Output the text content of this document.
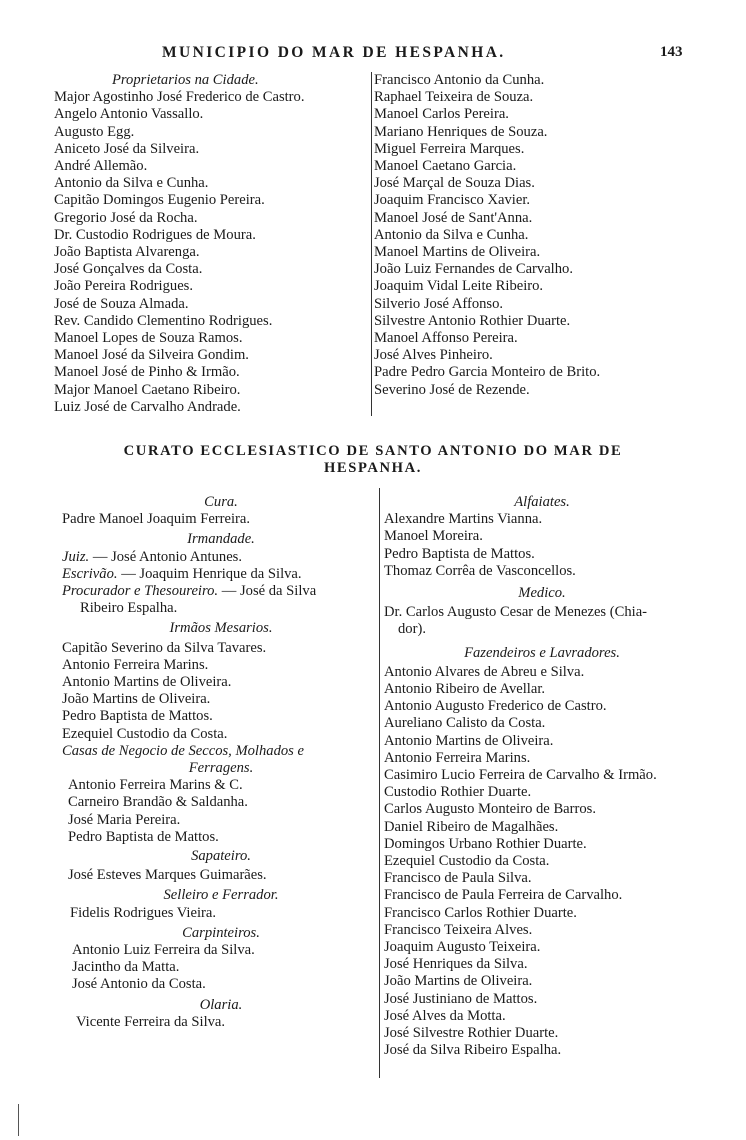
MUNICIPIO DO MAR DE HESPANHA.	143
Proprietarios na Cidade.
Major Agostinho José Frederico de Castro.
Angelo Antonio Vassallo.
Augusto Egg.
Aniceto José da Silveira.
André Allemão.
Antonio da Silva e Cunha.
Capitão Domingos Eugenio Pereira.
Gregorio José da Rocha.
Dr. Custodio Rodrigues de Moura.
João Baptista Alvarenga.
José Gonçalves da Costa.
João Pereira Rodrigues.
José de Souza Almada.
Rev. Candido Clementino Rodrigues.
Manoel Lopes de Souza Ramos.
Manoel José da Silveira Gondim.
Manoel José de Pinho & Irmão.
Major Manoel Caetano Ribeiro.
Luiz José de Carvalho Andrade.
Francisco Antonio da Cunha.
Raphael Teixeira de Souza.
Manoel Carlos Pereira.
Mariano Henriques de Souza.
Miguel Ferreira Marques.
Manoel Caetano Garcia.
José Marçal de Souza Dias.
Joaquim Francisco Xavier.
Manoel José de Sant'Anna.
Antonio da Silva e Cunha.
Manoel Martins de Oliveira.
João Luiz Fernandes de Carvalho.
Joaquim Vidal Leite Ribeiro.
Silverio José Affonso.
Silvestre Antonio Rothier Duarte.
Manoel Affonso Pereira.
José Alves Pinheiro.
Padre Pedro Garcia Monteiro de Brito.
Severino José de Rezende.
CURATO ECCLESIASTICO DE SANTO ANTONIO DO MAR DE
HESPANHA.
Cura.
Padre Manoel Joaquim Ferreira.
Irmandade.
Juiz. — José Antonio Antunes.
Escrivão. — Joaquim Henrique da Silva.
Procurador e Thesoureiro. — José da Silva
Ribeiro Espalha.
Irmãos Mesarios.
Capitão Severino da Silva Tavares.
Antonio Ferreira Marins.
Antonio Martins de Oliveira.
João Martins de Oliveira.
Pedro Baptista de Mattos.
Ezequiel Custodio da Costa.
Casas de Negocio de Seccos, Molhados e
Ferragens.
Antonio Ferreira Marins & C.
Carneiro Brandão & Saldanha.
José Maria Pereira.
Pedro Baptista de Mattos.
Sapateiro.
José Esteves Marques Guimarães.
Selleiro e Ferrador.
Fidelis Rodrigues Vieira.
Carpinteiros.
Antonio Luiz Ferreira da Silva.
Jacintho da Matta.
José Antonio da Costa.
Olaria.
Vicente Ferreira da Silva.
Alfaiates.
Alexandre Martins Vianna.
Manoel Moreira.
Pedro Baptista de Mattos.
Thomaz Corrêa de Vasconcellos.
Medico.
Dr. Carlos Augusto Cesar de Menezes (Chia-
dor).
Fazendeiros e Lavradores.
Antonio Alvares de Abreu e Silva.
Antonio Ribeiro de Avellar.
Antonio Augusto Frederico de Castro.
Aureliano Calisto da Costa.
Antonio Martins de Oliveira.
Antonio Ferreira Marins.
Casimiro Lucio Ferreira de Carvalho & Irmão.
Custodio Rothier Duarte.
Carlos Augusto Monteiro de Barros.
Daniel Ribeiro de Magalhães.
Domingos Urbano Rothier Duarte.
Ezequiel Custodio da Costa.
Francisco de Paula Silva.
Francisco de Paula Ferreira de Carvalho.
Francisco Carlos Rothier Duarte.
Francisco Teixeira Alves.
Joaquim Augusto Teixeira.
José Henriques da Silva.
João Martins de Oliveira.
José Justiniano de Mattos.
José Alves da Motta.
José Silvestre Rothier Duarte.
José da Silva Ribeiro Espalha.
